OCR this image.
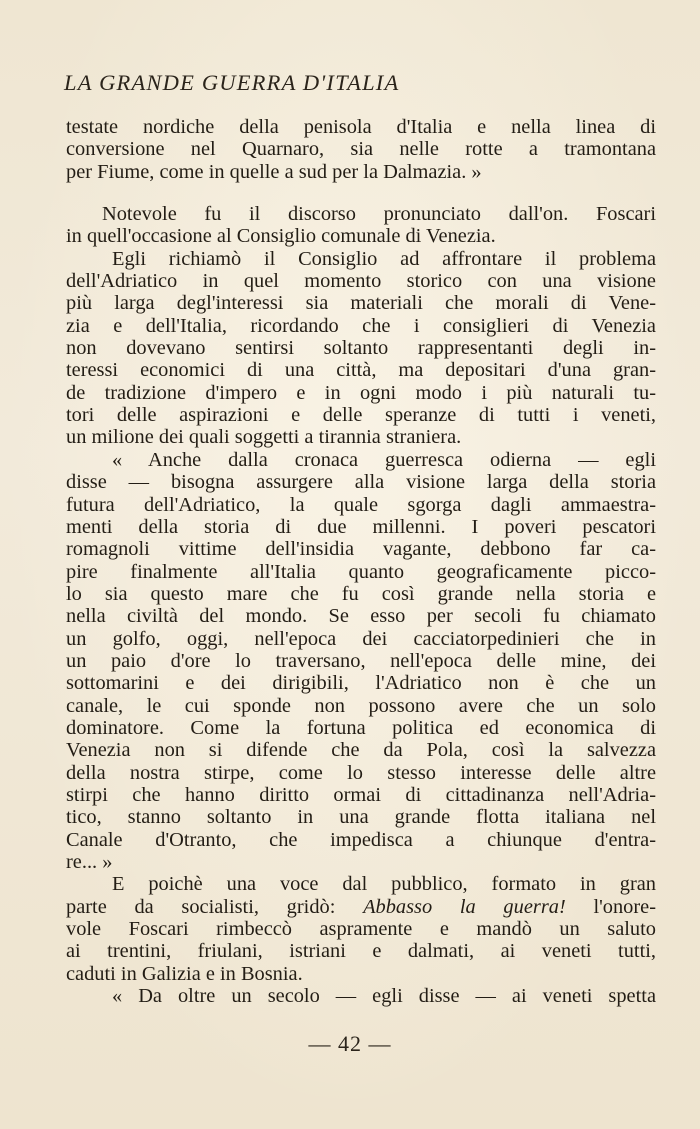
LA GRANDE GUERRA D'ITALIA
testate nordiche della penisola d'Italia e nella linea di
conversione nel Quarnaro, sia nelle rotte a tramontana
per Fiume, come in quelle a sud per la Dalmazia. »
Notevole fu il discorso pronunciato dall'on. Foscari
in quell'occasione al Consiglio comunale di Venezia.
Egli richiamò il Consiglio ad affrontare il problema
dell'Adriatico in quel momento storico con una visione
più larga degl'interessi sia materiali che morali di Vene-
zia e dell'Italia, ricordando che i consiglieri di Venezia
non dovevano sentirsi soltanto rappresentanti degli in-
teressi economici di una città, ma depositari d'una gran-
de tradizione d'impero e in ogni modo i più naturali tu-
tori delle aspirazioni e delle speranze di tutti i veneti,
un milione dei quali soggetti a tirannia straniera.
« Anche dalla cronaca guerresca odierna — egli
disse — bisogna assurgere alla visione larga della storia
futura dell'Adriatico, la quale sgorga dagli ammaestra-
menti della storia di due millenni. I poveri pescatori
romagnoli vittime dell'insidia vagante, debbono far ca-
pire finalmente all'Italia quanto geograficamente picco-
lo sia questo mare che fu così grande nella storia e
nella civiltà del mondo. Se esso per secoli fu chiamato
un golfo, oggi, nell'epoca dei cacciatorpedinieri che in
un paio d'ore lo traversano, nell'epoca delle mine, dei
sottomarini e dei dirigibili, l'Adriatico non è che un
canale, le cui sponde non possono avere che un solo
dominatore. Come la fortuna politica ed economica di
Venezia non si difende che da Pola, così la salvezza
della nostra stirpe, come lo stesso interesse delle altre
stirpi che hanno diritto ormai di cittadinanza nell'Adria-
tico, stanno soltanto in una grande flotta italiana nel
Canale d'Otranto, che impedisca a chiunque d'entra-
re... »
E poichè una voce dal pubblico, formato in gran
parte da socialisti, gridò: Abbasso la guerra! l'onore-
vole Foscari rimbeccò aspramente e mandò un saluto
ai trentini, friulani, istriani e dalmati, ai veneti tutti,
caduti in Galizia e in Bosnia.
« Da oltre un secolo — egli disse — ai veneti spetta
— 42 —
